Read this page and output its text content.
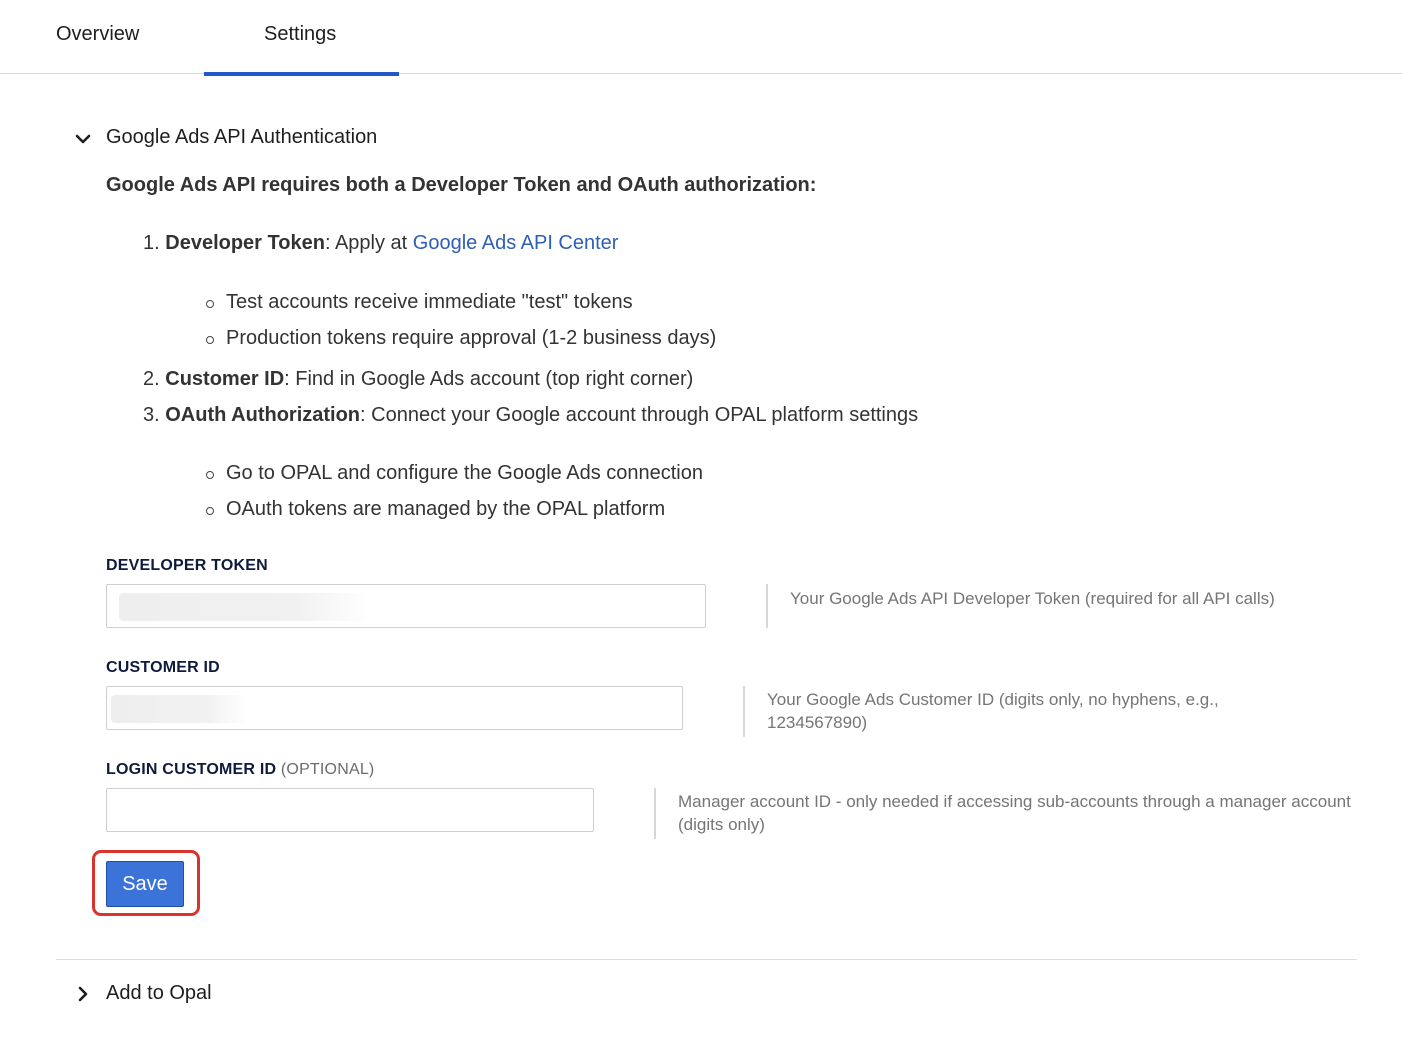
Overview	Settings
Google Ads API Authentication
Google Ads API requires both a Developer Token and OAuth authorization:
1. Developer Token: Apply at Google Ads API Center
Test accounts receive immediate "test" tokens
Production tokens require approval (1-2 business days)
2. Customer ID: Find in Google Ads account (top right corner)
3. OAuth Authorization: Connect your Google account through OPAL platform settings
Go to OPAL and configure the Google Ads connection
OAuth tokens are managed by the OPAL platform
DEVELOPER TOKEN
Your Google Ads API Developer Token (required for all API calls)
CUSTOMER ID
Your Google Ads Customer ID (digits only, no hyphens, e.g., 1234567890)
LOGIN CUSTOMER ID (OPTIONAL)
Manager account ID - only needed if accessing sub-accounts through a manager account (digits only)
Save
Add to Opal
